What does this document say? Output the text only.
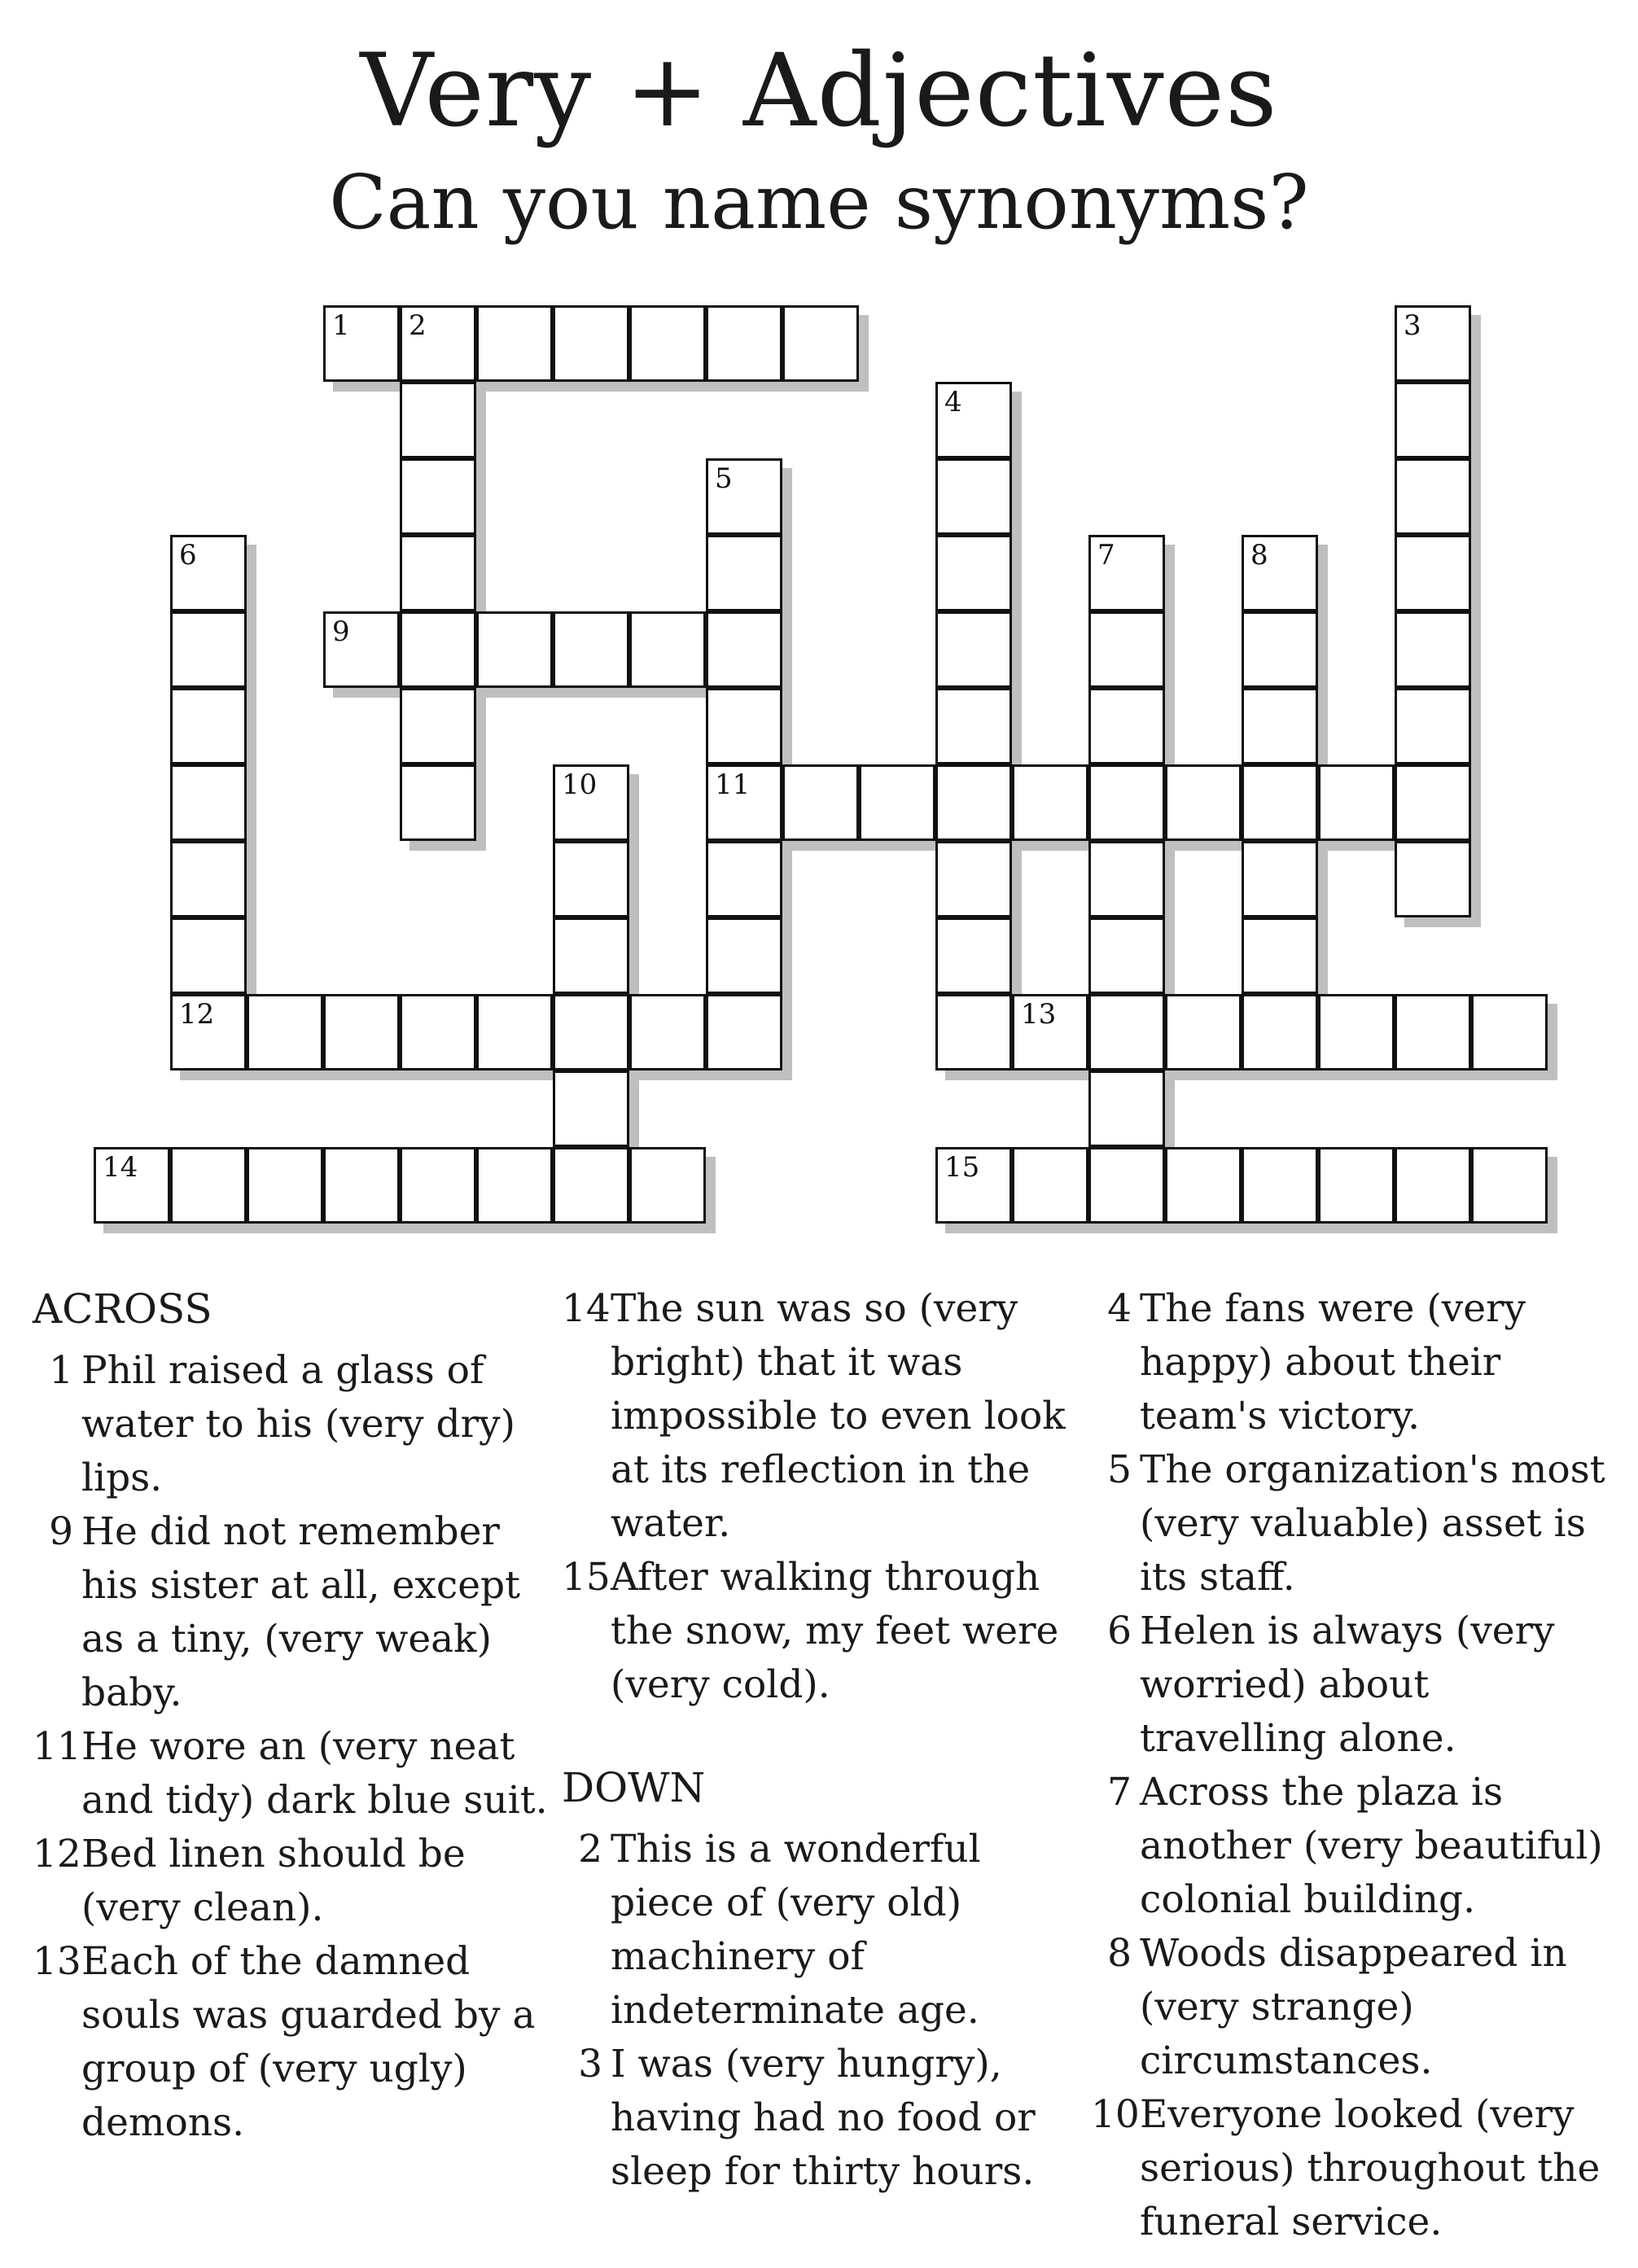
Very + Adjectives
Can you name synonyms?
1 2	3
4
5
11
6
12
7	8
9
10
13
14	15
ACROSS
1 Phil raised a glass of water to his (very dry) lips.
9 He did not remember his sister at all, except as a tiny, (very weak) baby.
11 He wore an (very neat and tidy) dark blue suit.
12 Bed linen should be (very clean).
13 Each of the damned souls was guarded by a group of (very ugly) demons.
14 The sun was so (very bright) that it was impossible to even look at its reflection in the water.
15 After walking through the snow, my feet were (very cold).
DOWN
2 This is a wonderful piece of (very old) machinery of indeterminate age.
3 I was (very hungry), having had no food or sleep for thirty hours.
4 The fans were (very happy) about their team's victory.
5 The organization's most (very valuable) asset is its staff.
6 Helen is always (very worried) about travelling alone.
7 Across the plaza is another (very beautiful) colonial building.
8 Woods disappeared in (very strange) circumstances.
10 Everyone looked (very serious) throughout the funeral service.
